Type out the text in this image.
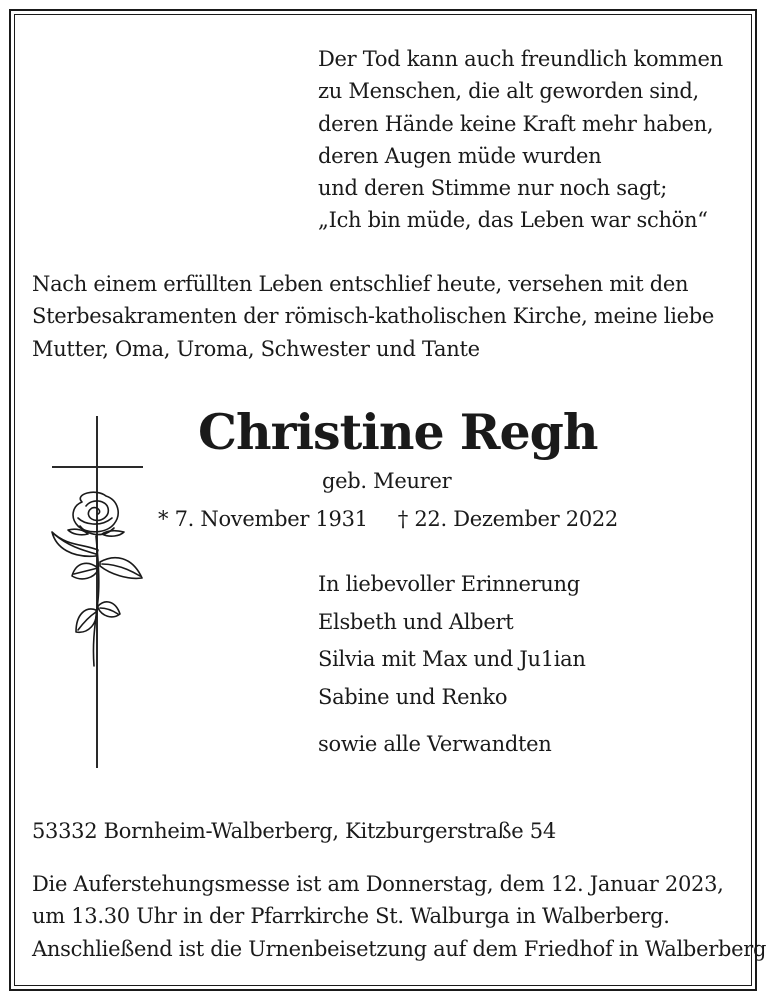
Der Tod kann auch freundlich kommen
zu Menschen, die alt geworden sind,
deren Hände keine Kraft mehr haben,
deren Augen müde wurden
und deren Stimme nur noch sagt;
„Ich bin müde, das Leben war schön“
Nach einem erfüllten Leben entschlief heute, versehen mit den
Sterbesakramenten der römisch-katholischen Kirche, meine liebe
Mutter, Oma, Uroma, Schwester und Tante
Christine Regh
geb. Meurer
* 7. November 1931 † 22. Dezember 2022
In liebevoller Erinnerung
Elsbeth und Albert
Silvia mit Max und Ju1ian
Sabine und Renko
sowie alle Verwandten
53332 Bornheim-Walberberg, Kitzburgerstraße 54
Die Auferstehungsmesse ist am Donnerstag, dem 12. Januar 2023,
um 13.30 Uhr in der Pfarrkirche St. Walburga in Walberberg.
Anschließend ist die Urnenbeisetzung auf dem Friedhof in Walberberg
